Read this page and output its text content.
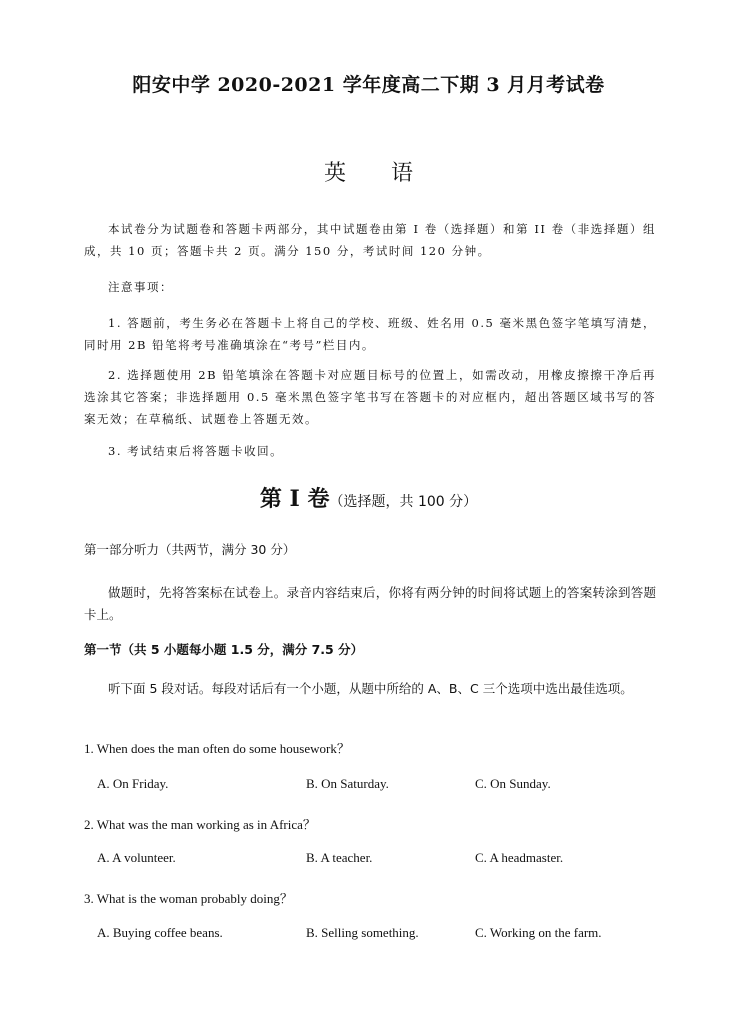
阳安中学 2020-2021 学年度高二下期 3 月月考试卷
英 语
本试卷分为试题卷和答题卡两部分，其中试题卷由第 I 卷（选择题）和第 II 卷（非选择题）组成，共 10 页；答题卡共 2 页。满分 150 分，考试时间 120 分钟。
注意事项：
1. 答题前，考生务必在答题卡上将自己的学校、班级、姓名用 0.5 毫米黑色签字笔填写清楚，同时用 2B 铅笔将考号准确填涂在“考号”栏目内。
2. 选择题使用 2B 铅笔填涂在答题卡对应题目标号的位置上，如需改动，用橡皮擦擦干净后再选涂其它答案；非选择题用 0.5 毫米黑色签字笔书写在答题卡的对应框内，超出答题区域书写的答案无效；在草稿纸、试题卷上答题无效。
3. 考试结束后将答题卡收回。
第 I 卷（选择题，共 100 分）
第一部分听力（共两节，满分 30 分）
做题时，先将答案标在试卷上。录音内容结束后，你将有两分钟的时间将试题上的答案转涂到答题卡上。
第一节（共 5 小题每小题 1.5 分，满分 7.5 分）
听下面 5 段对话。每段对话后有一个小题，从题中所给的 A、B、C 三个选项中选出最佳选项。
1. When does the man often do some housework？
A. On Friday.	B. On Saturday.	C. On Sunday.
2. What was the man working as in Africa？
A. A volunteer.	B. A teacher.	C. A headmaster.
3. What is the woman probably doing？
A. Buying coffee beans.	B. Selling something.	C. Working on the farm.
